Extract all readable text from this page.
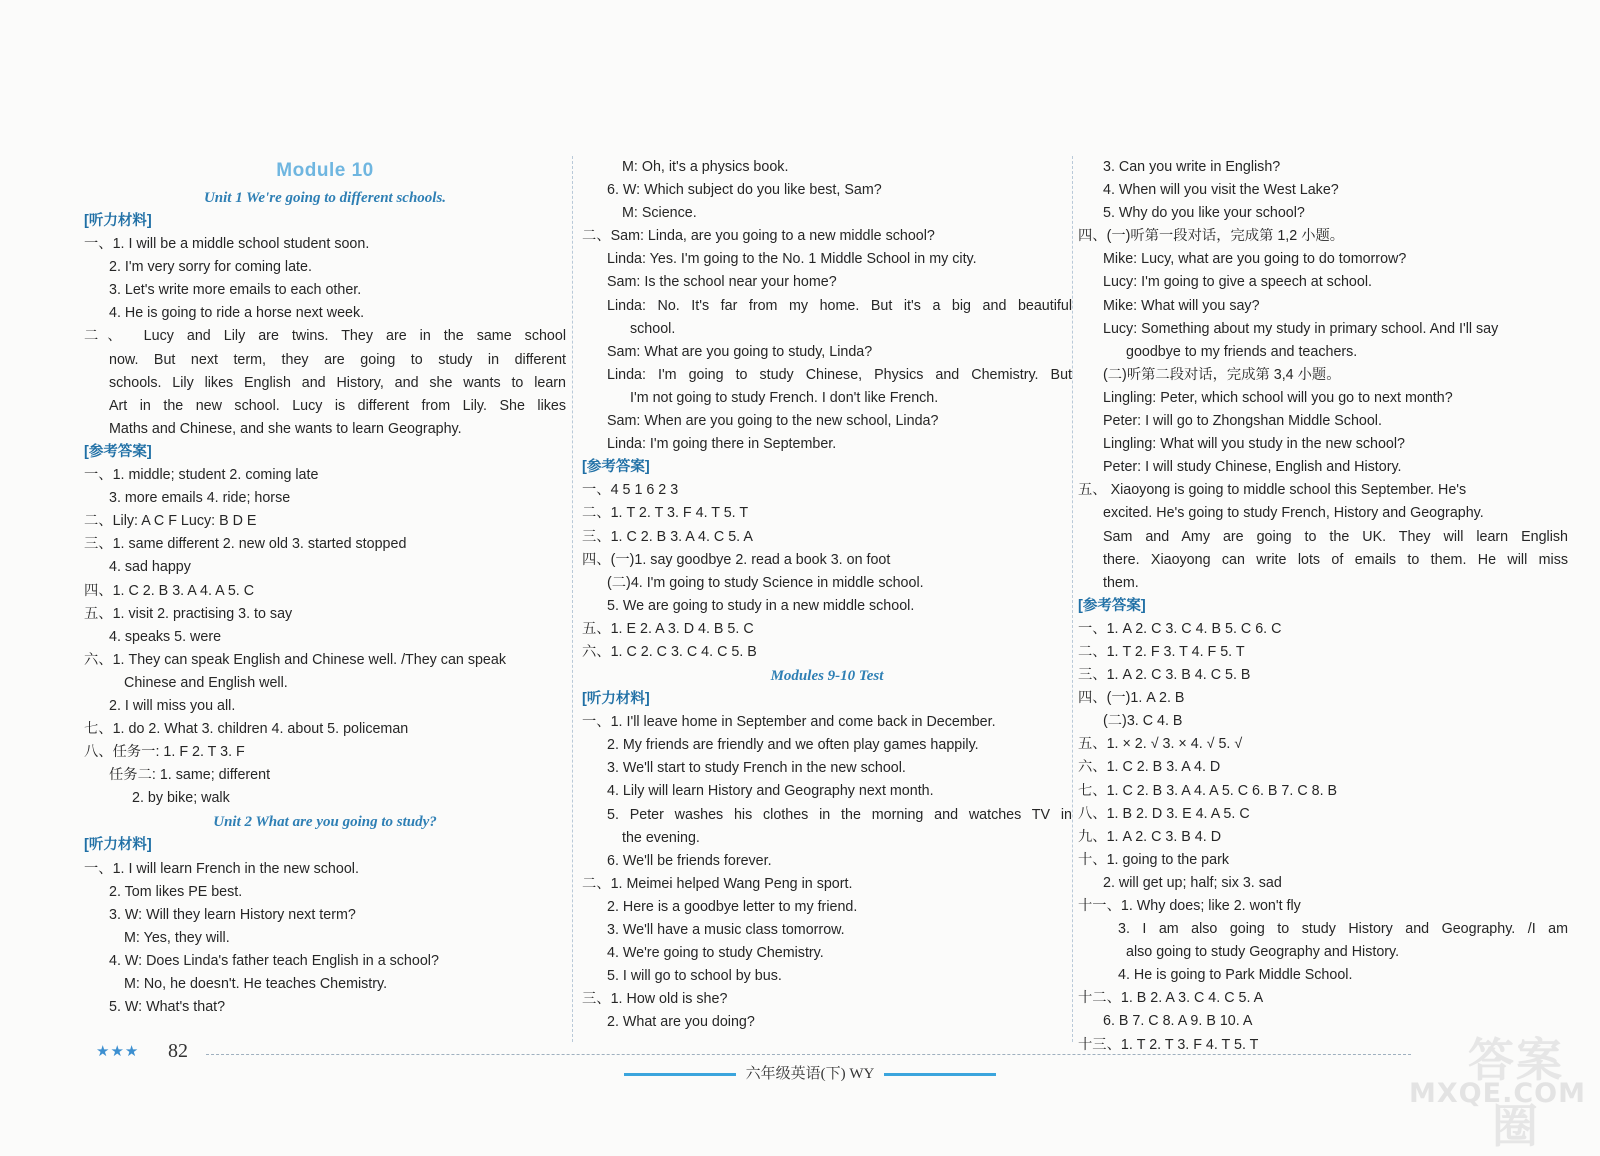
Module 10
Unit 1 We're going to different schools.
[听力材料]
一、1. I will be a middle school student soon.
2. I'm very sorry for coming late.
3. Let's write more emails to each other.
4. He is going to ride a horse next week.
二、 Lucy and Lily are twins. They are in the same school
now. But next term, they are going to study in different
schools. Lily likes English and History, and she wants to learn
Art in the new school. Lucy is different from Lily. She likes
Maths and Chinese, and she wants to learn Geography.
[参考答案]
一、1. middle; student 2. coming late
3. more emails 4. ride; horse
二、Lily: A C F Lucy: B D E
三、1. same different 2. new old 3. started stopped
4. sad happy
四、1. C 2. B 3. A 4. A 5. C
五、1. visit 2. practising 3. to say
4. speaks 5. were
六、1. They can speak English and Chinese well. /They can speak
Chinese and English well.
2. I will miss you all.
七、1. do 2. What 3. children 4. about 5. policeman
八、任务一: 1. F 2. T 3. F
任务二: 1. same; different
2. by bike; walk
Unit 2 What are you going to study?
[听力材料]
一、1. I will learn French in the new school.
2. Tom likes PE best.
3. W: Will they learn History next term?
M: Yes, they will.
4. W: Does Linda's father teach English in a school?
M: No, he doesn't. He teaches Chemistry.
5. W: What's that?
M: Oh, it's a physics book.
6. W: Which subject do you like best, Sam?
M: Science.
二、Sam: Linda, are you going to a new middle school?
Linda: Yes. I'm going to the No. 1 Middle School in my city.
Sam: Is the school near your home?
Linda: No. It's far from my home. But it's a big and beautiful
school.
Sam: What are you going to study, Linda?
Linda: I'm going to study Chinese, Physics and Chemistry. But
I'm not going to study French. I don't like French.
Sam: When are you going to the new school, Linda?
Linda: I'm going there in September.
[参考答案]
一、4 5 1 6 2 3
二、1. T 2. T 3. F 4. T 5. T
三、1. C 2. B 3. A 4. C 5. A
四、(一)1. say goodbye 2. read a book 3. on foot
(二)4. I'm going to study Science in middle school.
5. We are going to study in a new middle school.
五、1. E 2. A 3. D 4. B 5. C
六、1. C 2. C 3. C 4. C 5. B
Modules 9-10 Test
[听力材料]
一、1. I'll leave home in September and come back in December.
2. My friends are friendly and we often play games happily.
3. We'll start to study French in the new school.
4. Lily will learn History and Geography next month.
5. Peter washes his clothes in the morning and watches TV in
the evening.
6. We'll be friends forever.
二、1. Meimei helped Wang Peng in sport.
2. Here is a goodbye letter to my friend.
3. We'll have a music class tomorrow.
4. We're going to study Chemistry.
5. I will go to school by bus.
三、1. How old is she?
2. What are you doing?
3. Can you write in English?
4. When will you visit the West Lake?
5. Why do you like your school?
四、(一)听第一段对话，完成第 1,2 小题。
Mike: Lucy, what are you going to do tomorrow?
Lucy: I'm going to give a speech at school.
Mike: What will you say?
Lucy: Something about my study in primary school. And I'll say
goodbye to my friends and teachers.
(二)听第二段对话，完成第 3,4 小题。
Lingling: Peter, which school will you go to next month?
Peter: I will go to Zhongshan Middle School.
Lingling: What will you study in the new school?
Peter: I will study Chinese, English and History.
五、 Xiaoyong is going to middle school this September. He's
excited. He's going to study French, History and Geography.
Sam and Amy are going to the UK. They will learn English
there. Xiaoyong can write lots of emails to them. He will miss
them.
[参考答案]
一、1. A 2. C 3. C 4. B 5. C 6. C
二、1. T 2. F 3. T 4. F 5. T
三、1. A 2. C 3. B 4. C 5. B
四、(一)1. A 2. B
(二)3. C 4. B
五、1. × 2. √ 3. × 4. √ 5. √
六、1. C 2. B 3. A 4. D
七、1. C 2. B 3. A 4. A 5. C 6. B 7. C 8. B
八、1. B 2. D 3. E 4. A 5. C
九、1. A 2. C 3. B 4. D
十、1. going to the park
2. will get up; half; six 3. sad
十一、1. Why does; like 2. won't fly
3. I am also going to study History and Geography. /I am
also going to study Geography and History.
4. He is going to Park Middle School.
十二、1. B 2. A 3. C 4. C 5. A
6. B 7. C 8. A 9. B 10. A
十三、1. T 2. T 3. F 4. T 5. T
★★★ 82
六年级英语(下) WY	答案圈
MXQE.COM
